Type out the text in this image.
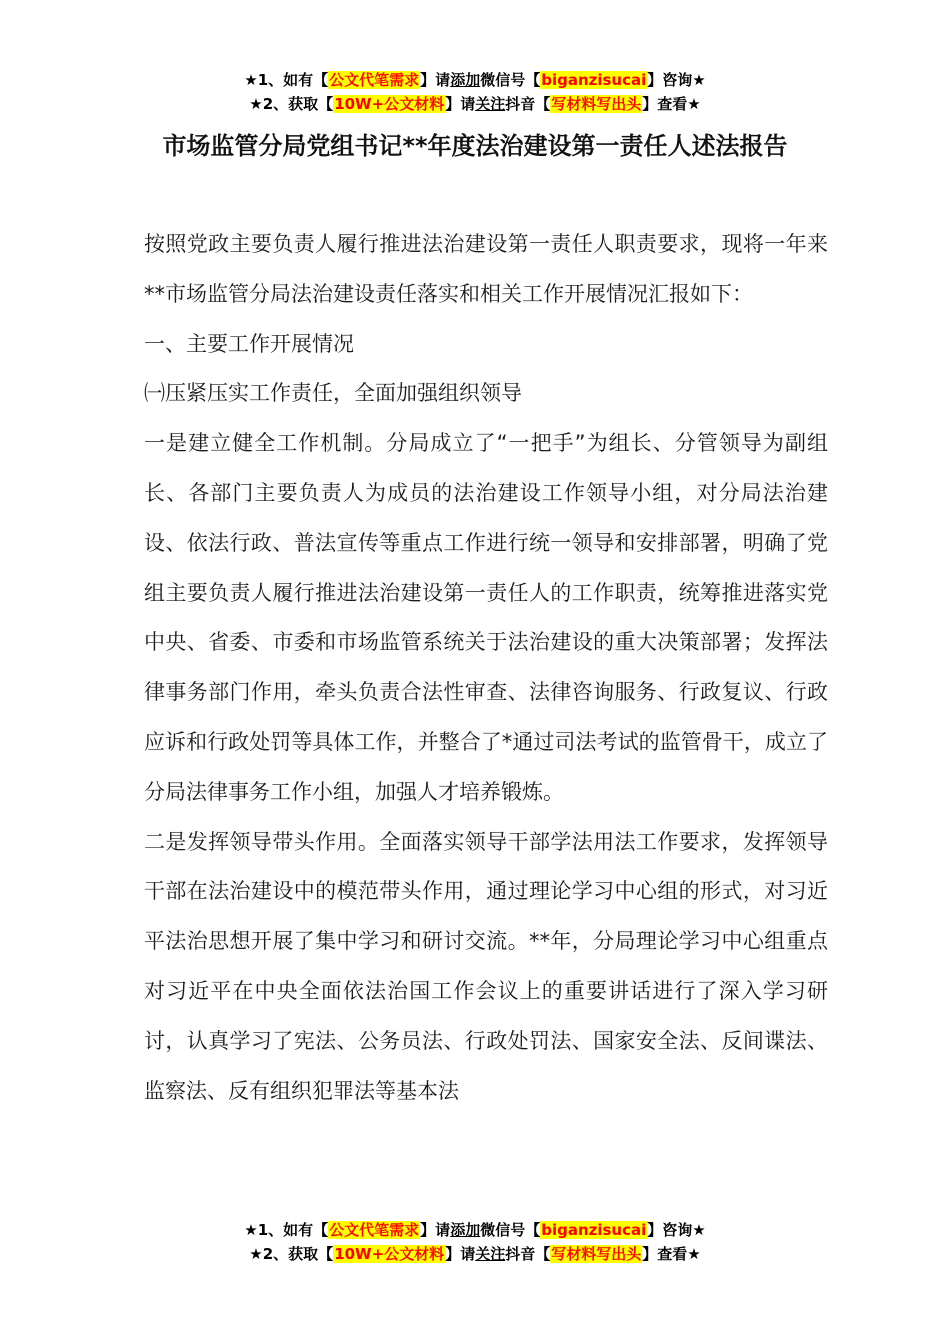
★1、如有【公文代笔需求】请添加微信号【biganzisucai】咨询★
★2、获取【10W+公文材料】请关注抖音【写材料写出头】查看★
市场监管分局党组书记**年度法治建设第一责任人述法报告

按照党政主要负责人履行推进法治建设第一责任人职责要求，现将一年来**市场监管分局法治建设责任落实和相关工作开展情况汇报如下：

一、主要工作开展情况

㈠压紧压实工作责任，全面加强组织领导

一是建立健全工作机制。分局成立了“一把手”为组长、分管领导为副组长、各部门主要负责人为成员的法治建设工作领导小组，对分局法治建设、依法行政、普法宣传等重点工作进行统一领导和安排部署，明确了党组主要负责人履行推进法治建设第一责任人的工作职责，统筹推进落实党中央、省委、市委和市场监管系统关于法治建设的重大决策部署；发挥法律事务部门作用，牵头负责合法性审查、法律咨询服务、行政复议、行政应诉和行政处罚等具体工作，并整合了*通过司法考试的监管骨干，成立了分局法律事务工作小组，加强人才培养锻炼。

二是发挥领导带头作用。全面落实领导干部学法用法工作要求，发挥领导干部在法治建设中的模范带头作用，通过理论学习中心组的形式，对习近平法治思想开展了集中学习和研讨交流。**年，分局理论学习中心组重点对习近平在中央全面依法治国工作会议上的重要讲话进行了深入学习研讨，认真学习了宪法、公务员法、行政处罚法、国家安全法、反间谍法、监察法、反有组织犯罪法等基本法

★1、如有【公文代笔需求】请添加微信号【biganzisucai】咨询★
★2、获取【10W+公文材料】请关注抖音【写材料写出头】查看★
